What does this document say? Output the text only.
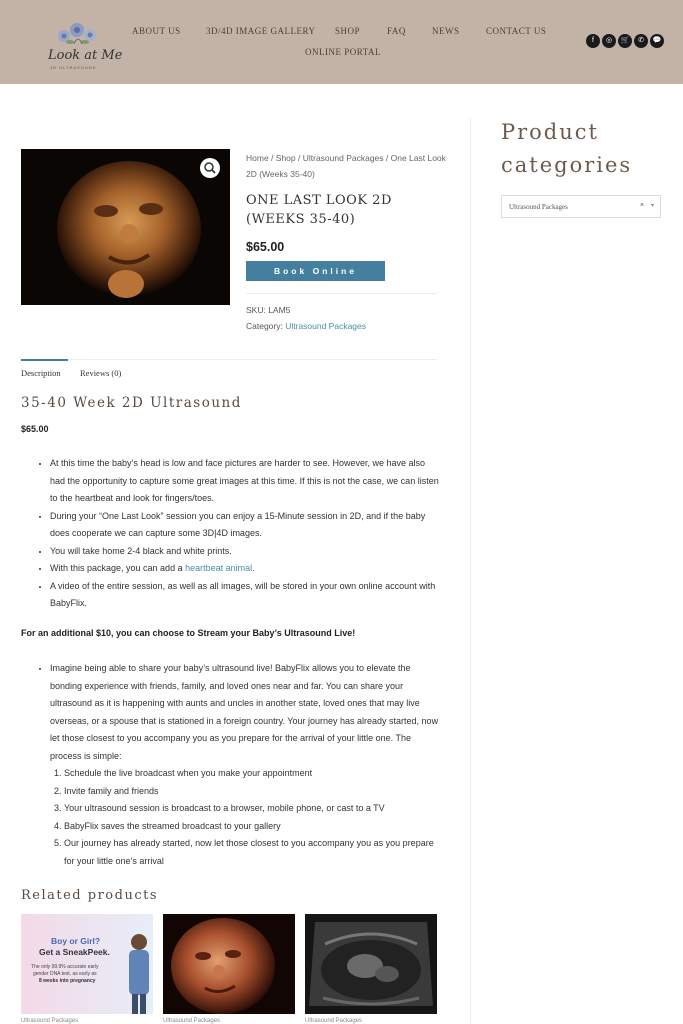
Look at Me
4D ULTRASOUND
ABOUT US	3D/4D IMAGE GALLERY SHOP	FAQ	NEWS	CONTACT US
ONLINE PORTAL
f	◎	🛒	✆	💬
Product categories
Ultrasound Packages	× ▾
Home / Shop / Ultrasound Packages / One Last Look 2D (Weeks 35-40)
ONE LAST LOOK 2D (WEEKS 35-40)
$65.00
Book Online
SKU: LAM5
Category: Ultrasound Packages
Description Reviews (0)
35-40 Week 2D Ultrasound
$65.00
• At this time the baby’s head is low and face pictures are harder to see. However, we have also had the opportunity to capture some great images at this time. If this is not the case, we can listen to the heartbeat and look for fingers/toes.
• During your “One Last Look” session you can enjoy a 15-Minute session in 2D, and if the baby does cooperate we can capture some 3D|4D images.
• You will take home 2-4 black and white prints.
• With this package, you can add a heartbeat animal.
• A video of the entire session, as well as all images, will be stored in your own online account with BabyFlix.
For an additional $10, you can choose to Stream your Baby’s Ultrasound Live!
• Imagine being able to share your baby’s ultrasound live! BabyFlix allows you to elevate the bonding experience with friends, family, and loved ones near and far. You can share your ultrasound as it is happening with aunts and uncles in another state, loved ones that may live overseas, or a spouse that is stationed in a foreign country. Your journey has already started, now let those closest to you accompany you as you prepare for the arrival of your little one. The process is simple:
1. Schedule the live broadcast when you make your appointment
2. Invite family and friends
3. Your ultrasound session is broadcast to a browser, mobile phone, or cast to a TV
4. BabyFlix saves the streamed broadcast to your gallery
5. Our journey has already started, now let those closest to you accompany you as you prepare for your little one’s arrival
Related products
Boy or Girl?
Get a SneakPeek.
The only 99.9% accurate early
gender DNA test, as early as
8 weeks into pregnancy
Ultrasound Packages	Ultrasound Packages	Ultrasound Packages
